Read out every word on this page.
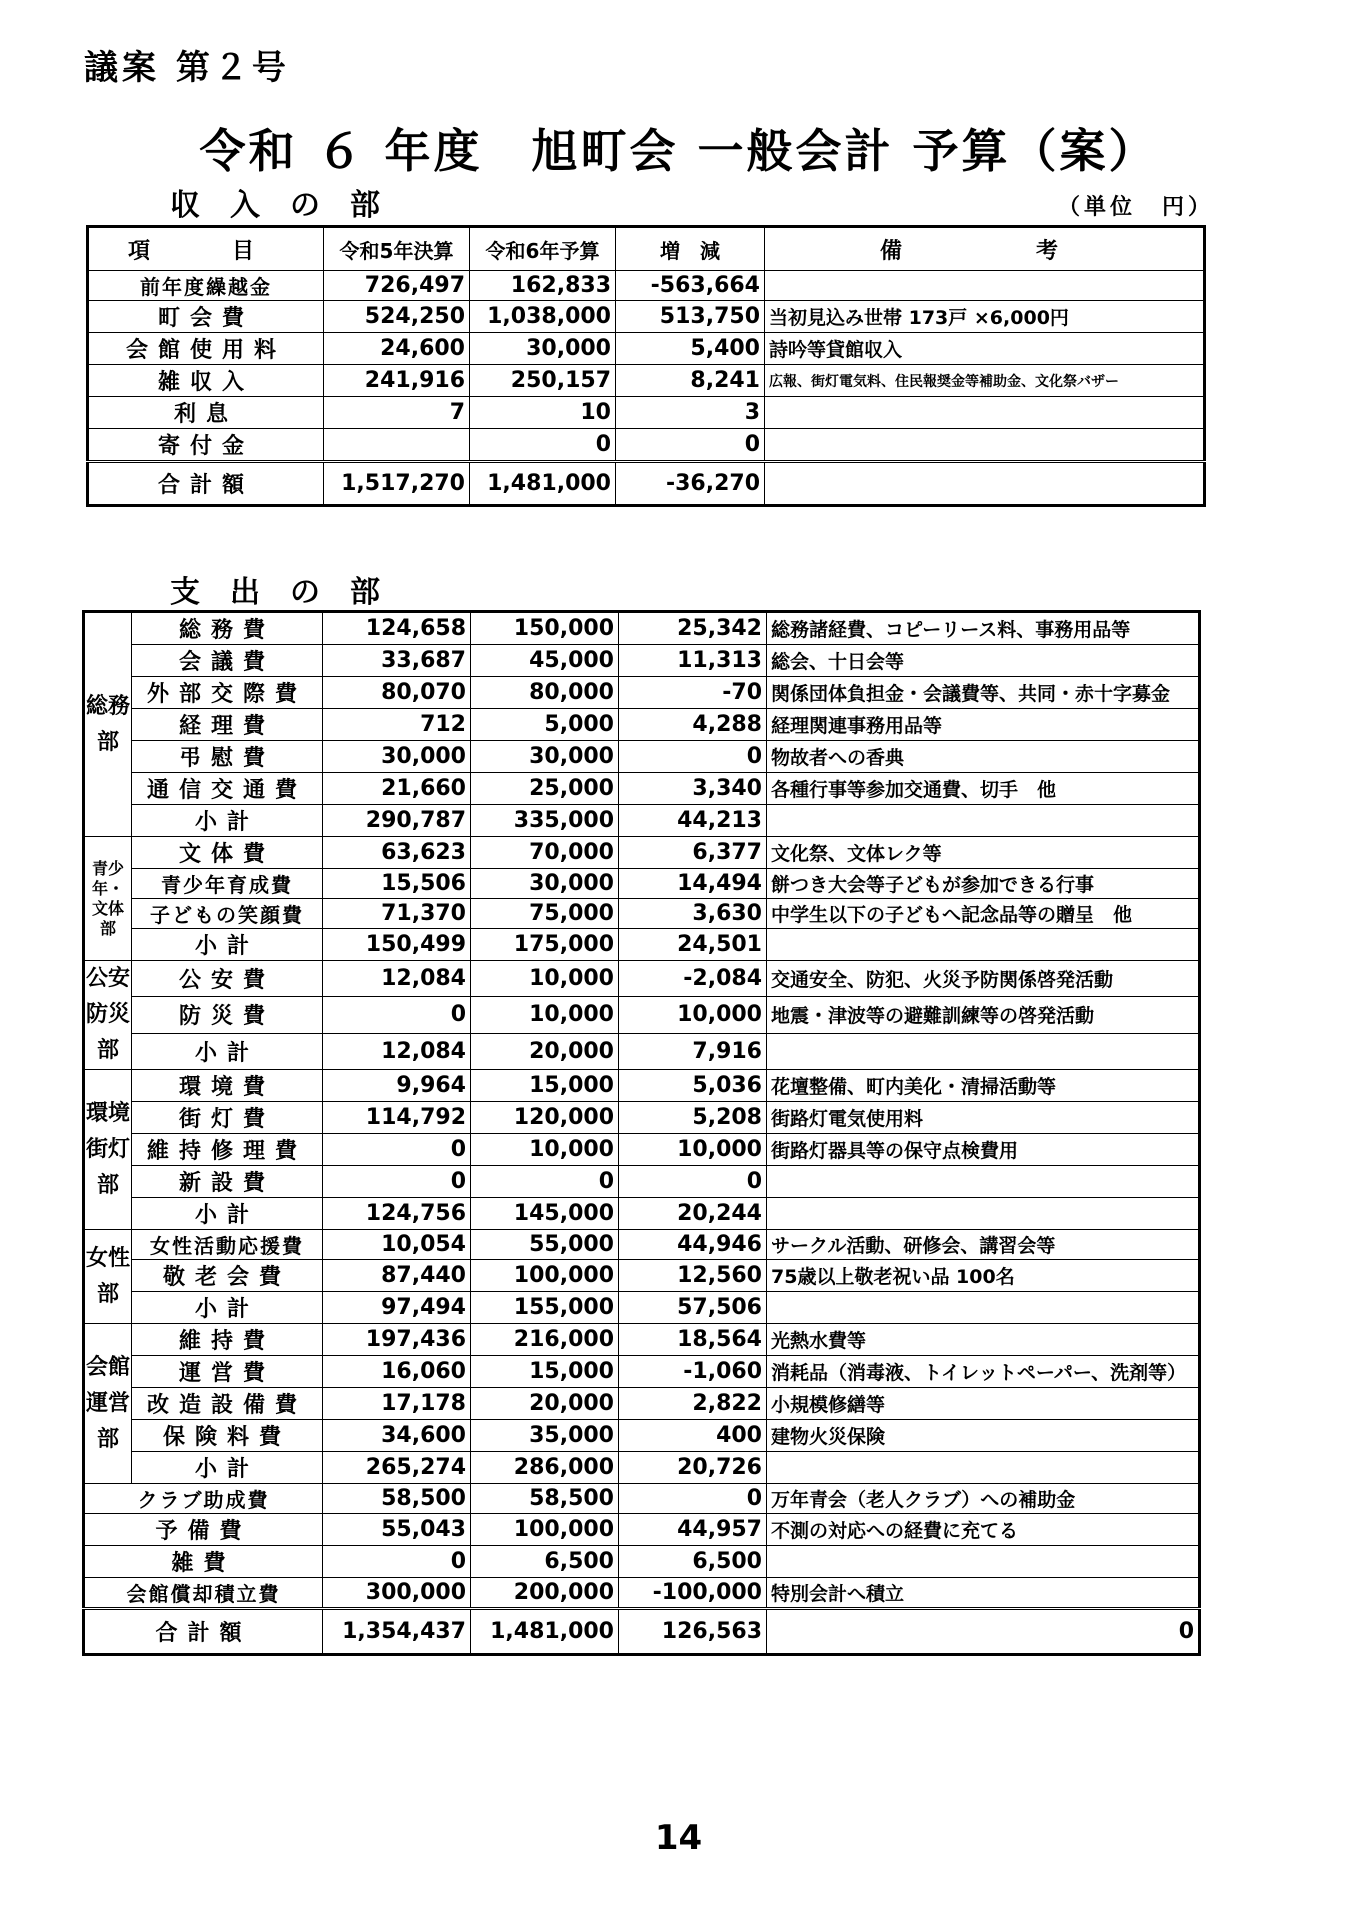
議案 第２号
令和 ６ 年度　旭町会 一般会計 予算（案）
収入の部	（単位　円）
項　目	令和5年決算	令和6年予算	増　減	備　　考
前年度繰越金	726,497	162,833	-563,664	
町会費	524,250	1,038,000	513,750	当初見込み世帯 173戸 ×6,000円
会館使用料	24,600	30,000	5,400	詩吟等貸館収入
雑収入	241,916	250,157	8,241	広報、街灯電気料、住民報奨金等補助金、文化祭バザー
利息	7	10	3	
寄付金		0	0	
合計額	1,517,270	1,481,000	-36,270	
支出の部
総務部	総務費	124,658	150,000	25,342	総務諸経費、コピーリース料、事務用品等
	会議費	33,687	45,000	11,313	総会、十日会等
	外部交際費	80,070	80,000	-70	関係団体負担金・会議費等、共同・赤十字募金
	経理費	712	5,000	4,288	経理関連事務用品等
	弔慰費	30,000	30,000	0	物故者への香典
	通信交通費	21,660	25,000	3,340	各種行事等参加交通費、切手　他
	小計	290,787	335,000	44,213	
青少年・文体部	文体費	63,623	70,000	6,377	文化祭、文体レク等
	青少年育成費	15,506	30,000	14,494	餅つき大会等子どもが参加できる行事
	子どもの笑顔費	71,370	75,000	3,630	中学生以下の子どもへ記念品等の贈呈　他
	小計	150,499	175,000	24,501	
公安防災部	公安費	12,084	10,000	-2,084	交通安全、防犯、火災予防関係啓発活動
	防災費	0	10,000	10,000	地震・津波等の避難訓練等の啓発活動
	小計	12,084	20,000	7,916	
環境街灯部	環境費	9,964	15,000	5,036	花壇整備、町内美化・清掃活動等
	街灯費	114,792	120,000	5,208	街路灯電気使用料
	維持修理費	0	10,000	10,000	街路灯器具等の保守点検費用
	新設費	0	0	0	
	小計	124,756	145,000	20,244	
女性部	女性活動応援費	10,054	55,000	44,946	サークル活動、研修会、講習会等
	敬老会費	87,440	100,000	12,560	75歳以上敬老祝い品 100名
	小計	97,494	155,000	57,506	
会館運営部	維持費	197,436	216,000	18,564	光熱水費等
	運営費	16,060	15,000	-1,060	消耗品（消毒液、トイレットペーパー、洗剤等）
	改造設備費	17,178	20,000	2,822	小規模修繕等
	保険料費	34,600	35,000	400	建物火災保険
	小計	265,274	286,000	20,726	
クラブ助成費		58,500	58,500	0	万年青会（老人クラブ）への補助金
予備費		55,043	100,000	44,957	不測の対応への経費に充てる
雑費		0	6,500	6,500	
会館償却積立費		300,000	200,000	-100,000	特別会計へ積立
合計額		1,354,437	1,481,000	126,563	0
14
